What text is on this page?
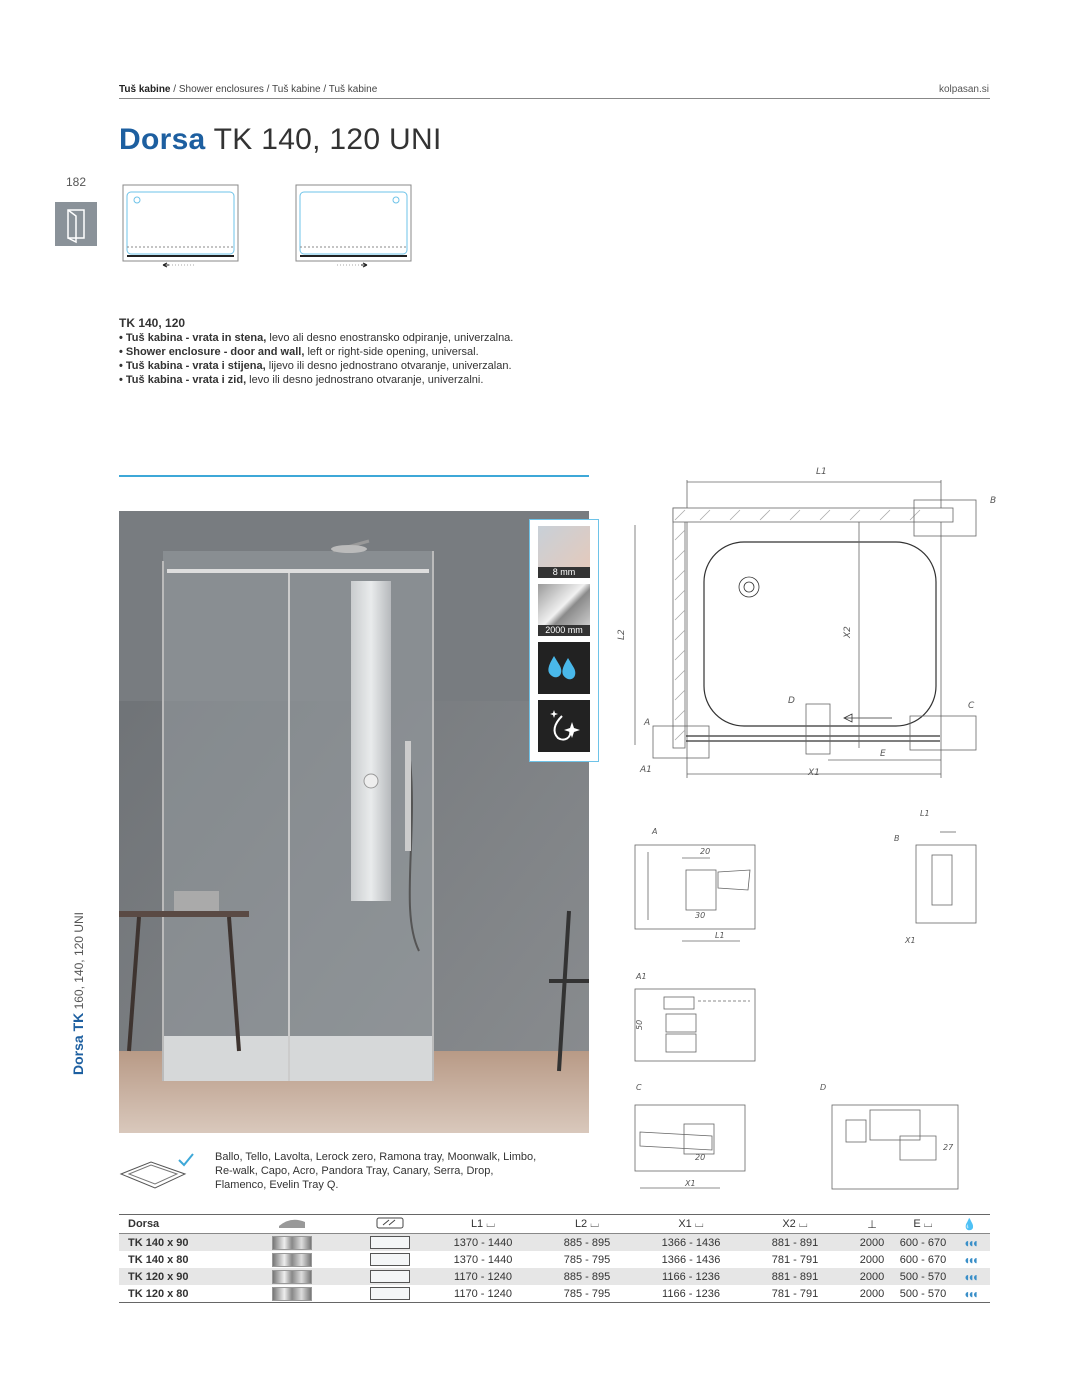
Tuš kabine / Shower enclosures / Tuš kabine / Tuš kabine	kolpasan.si
Dorsa TK 140, 120 UNI
182
Dorsa TK 160, 140, 120 UNI
TK 140, 120
• Tuš kabina - vrata in stena, levo ali desno enostransko odpiranje, univerzalna.
• Shower enclosure - door and wall, left or right-side opening, universal.
• Tuš kabina - vrata i stijena, lijevo ili desno jednostrano otvaranje, univerzalan.
• Tuš kabina - vrata i zid, levo ili desno jednostrano otvaranje, univerzalni.
8 mm
2000 mm
Ballo, Tello, Lavolta, Lerock zero, Ramona tray, Moonwalk, Limbo, Re-walk, Capo, Acro, Pandora Tray, Canary, Serra, Drop, Flamenco, Evelin Tray Q.
L1
B
L2	X2
D	C
A
E
A1	X1
A
20
30
L1
B
L1
X1
A1
50
C
20
X1
D
27
Dorsa			L1 ⌴	L2 ⌴	X1 ⌴	X2 ⌴	⊥	E ⌴	💧
TK 140 x 90			1370 - 1440	885 - 895	1366 - 1436	881 - 891	2000	600 - 670	◖◖◖
TK 140 x 80			1370 - 1440	785 - 795	1366 - 1436	781 - 791	2000	600 - 670	◖◖◖
TK 120 x 90			1170 - 1240	885 - 895	1166 - 1236	881 - 891	2000	500 - 570	◖◖◖
TK 120 x 80			1170 - 1240	785 - 795	1166 - 1236	781 - 791	2000	500 - 570	◖◖◖
